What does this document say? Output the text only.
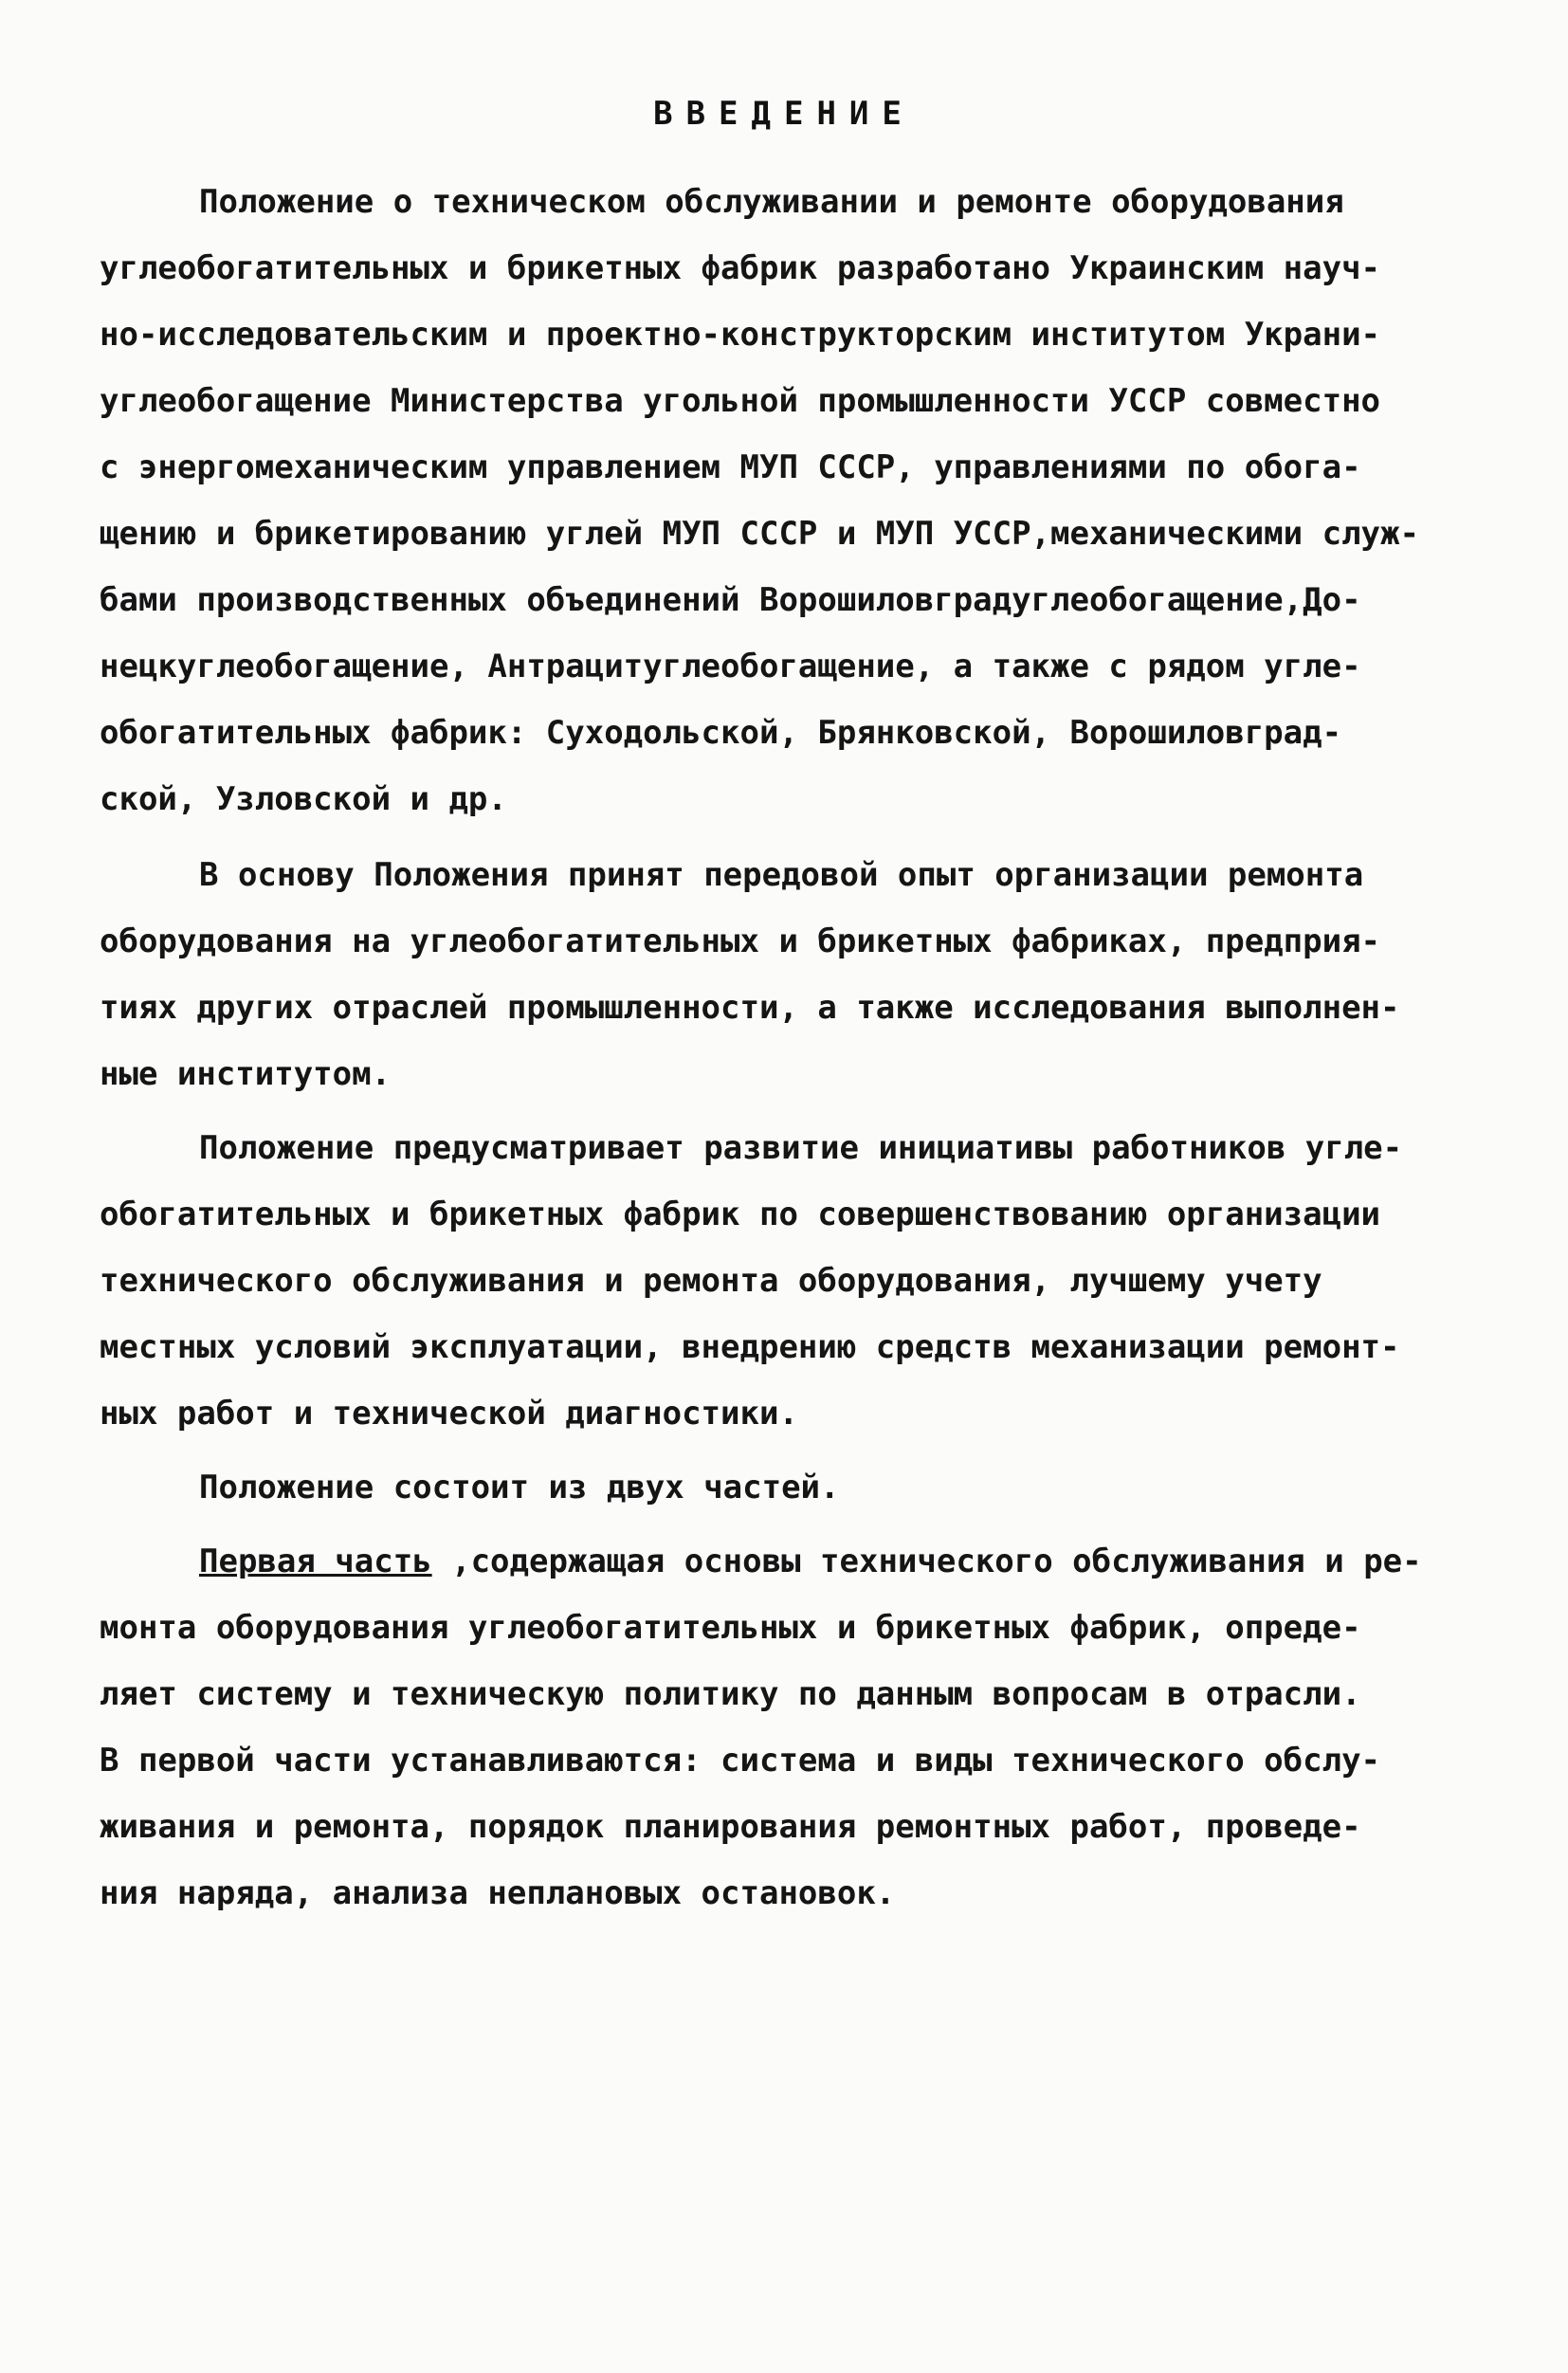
ВВЕДЕНИЕ
Положение о техническом обслуживании и ремонте оборудования
углеобогатительных и брикетных фабрик разработано Украинским науч-
но-исследовательским и проектно-конструкторским институтом Украни-
углеобогащение Министерства угольной промышленности УССР совместно
с энергомеханическим управлением МУП СССР, управлениями по обога-
щению и брикетированию углей МУП СССР и МУП УССР,механическими служ-
бами производственных объединений Ворошиловградуглеобогащение,До-
нецкуглеобогащение, Антрацитуглеобогащение, а также с рядом угле-
обогатительных фабрик: Суходольской, Брянковской, Ворошиловград-
ской, Узловской и др.
В основу Положения принят передовой опыт организации ремонта
оборудования на углеобогатительных и брикетных фабриках, предприя-
тиях других отраслей промышленности, а также исследования выполнен-
ные институтом.
Положение предусматривает развитие инициативы работников угле-
обогатительных и брикетных фабрик по совершенствованию организации
технического обслуживания и ремонта оборудования, лучшему учету
местных условий эксплуатации, внедрению средств механизации ремонт-
ных работ и технической диагностики.
Положение состоит из двух частей.
Первая часть ,содержащая основы технического обслуживания и ре-
монта оборудования углеобогатительных и брикетных фабрик, опреде-
ляет систему и техническую политику по данным вопросам в отрасли.
В первой части устанавливаются: система и виды технического обслу-
живания и ремонта, порядок планирования ремонтных работ, проведе-
ния наряда, анализа неплановых остановок.
